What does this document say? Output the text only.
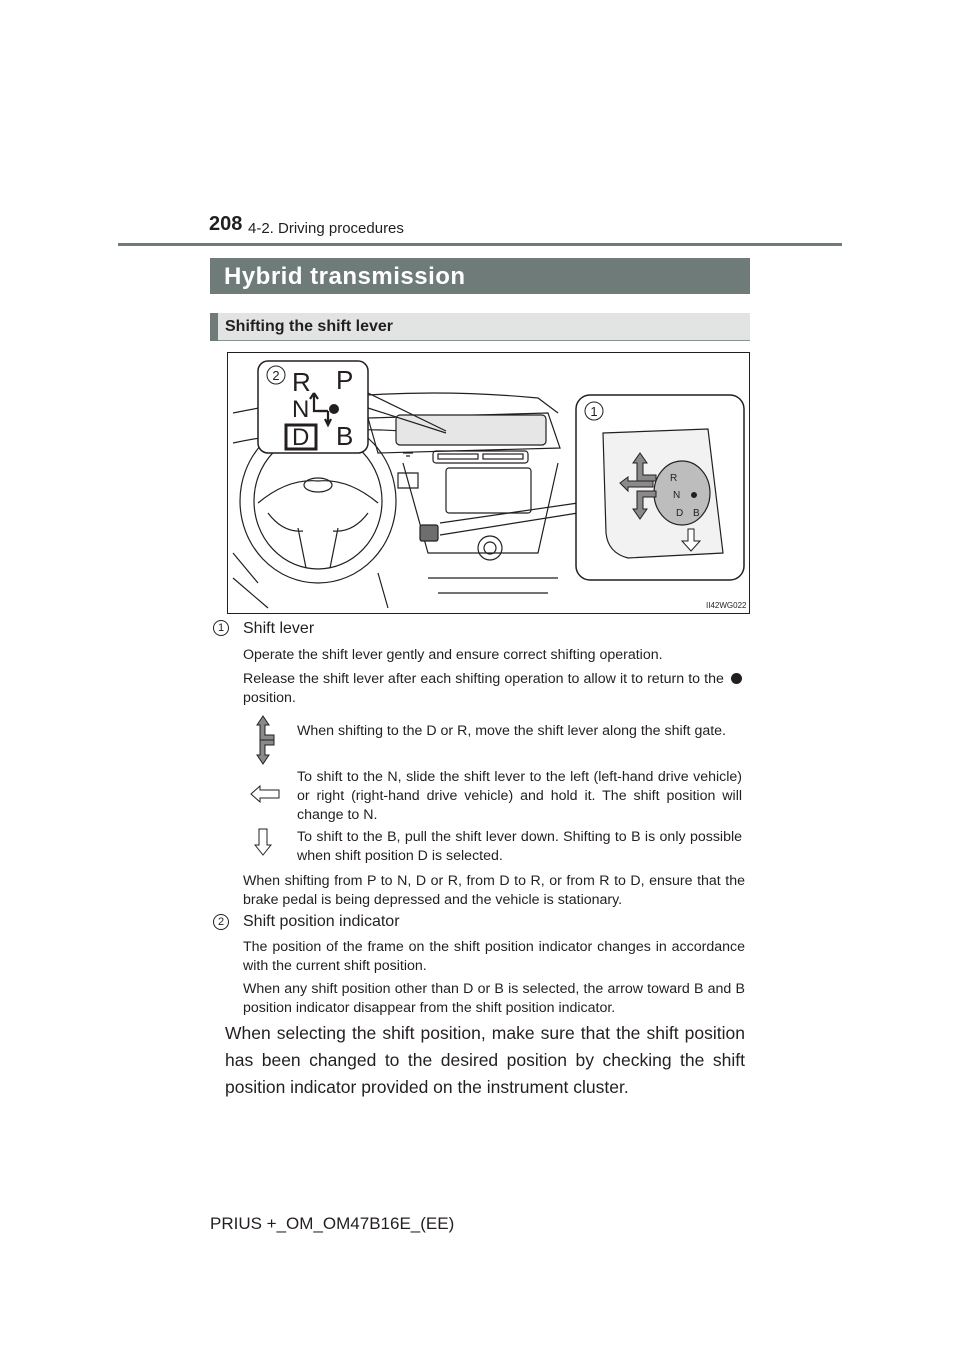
208 4-2. Driving procedures
Hybrid transmission
Shifting the shift lever
2 R P
N
D B
1
R
N
D B
II42WG022
1	Shift lever
Operate the shift lever gently and ensure correct shifting operation.
Release the shift lever after each shifting operation to allow it to return to the  position.
When shifting to the D or R, move the shift lever along the shift gate.
To shift to the N, slide the shift lever to the left (left-hand drive vehicle) or right (right-hand drive vehicle) and hold it. The shift position will change to N.
To shift to the B, pull the shift lever down. Shifting to B is only possible when shift position D is selected.
When shifting from P to N, D or R, from D to R, or from R to D, ensure that the brake pedal is being depressed and the vehicle is stationary.
2	Shift position indicator
The position of the frame on the shift position indicator changes in accordance with the current shift position.
When any shift position other than D or B is selected, the arrow toward B and B position indicator disappear from the shift position indicator.
When selecting the shift position, make sure that the shift position has been changed to the desired position by checking the shift position indicator provided on the instrument cluster.
PRIUS +_OM_OM47B16E_(EE)
